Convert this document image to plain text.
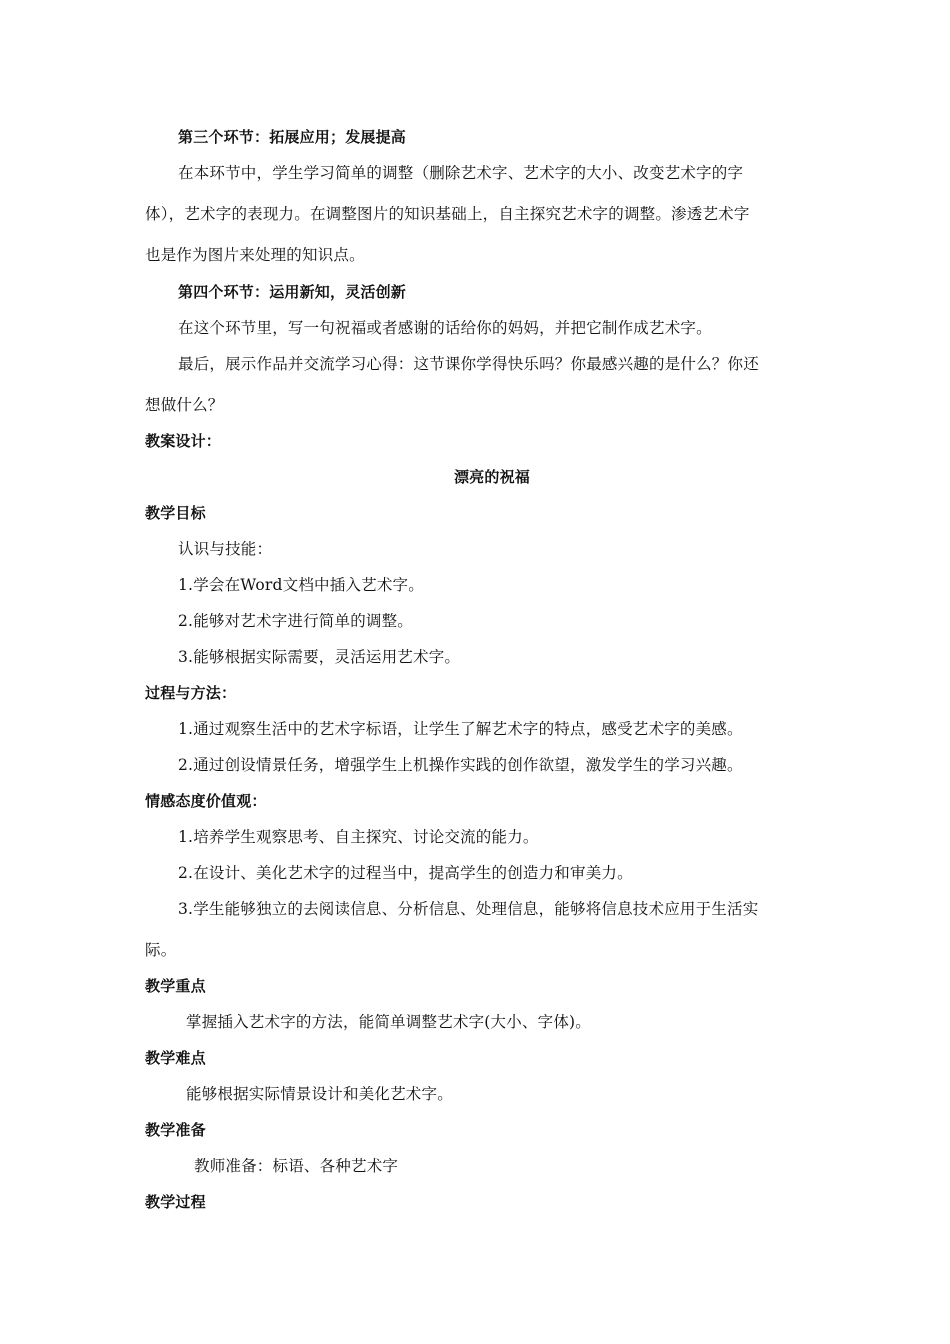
第三个环节：拓展应用；发展提高
在本环节中，学生学习简单的调整（删除艺术字、艺术字的大小、改变艺术字的字
体），艺术字的表现力。在调整图片的知识基础上，自主探究艺术字的调整。渗透艺术字
也是作为图片来处理的知识点。
第四个环节：运用新知，灵活创新
在这个环节里，写一句祝福或者感谢的话给你的妈妈，并把它制作成艺术字。
最后，展示作品并交流学习心得：这节课你学得快乐吗？你最感兴趣的是什么？你还
想做什么？
教案设计：
漂亮的祝福
教学目标
认识与技能：
1.学会在Word文档中插入艺术字。
2.能够对艺术字进行简单的调整。
3.能够根据实际需要，灵活运用艺术字。
过程与方法：
1.通过观察生活中的艺术字标语，让学生了解艺术字的特点，感受艺术字的美感。
2.通过创设情景任务，增强学生上机操作实践的创作欲望，激发学生的学习兴趣。
情感态度价值观：
1.培养学生观察思考、自主探究、讨论交流的能力。
2.在设计、美化艺术字的过程当中，提高学生的创造力和审美力。
3.学生能够独立的去阅读信息、分析信息、处理信息，能够将信息技术应用于生活实
际。
教学重点
掌握插入艺术字的方法，能简单调整艺术字(大小、字体)。
教学难点
能够根据实际情景设计和美化艺术字。
教学准备
教师准备：标语、各种艺术字
教学过程
